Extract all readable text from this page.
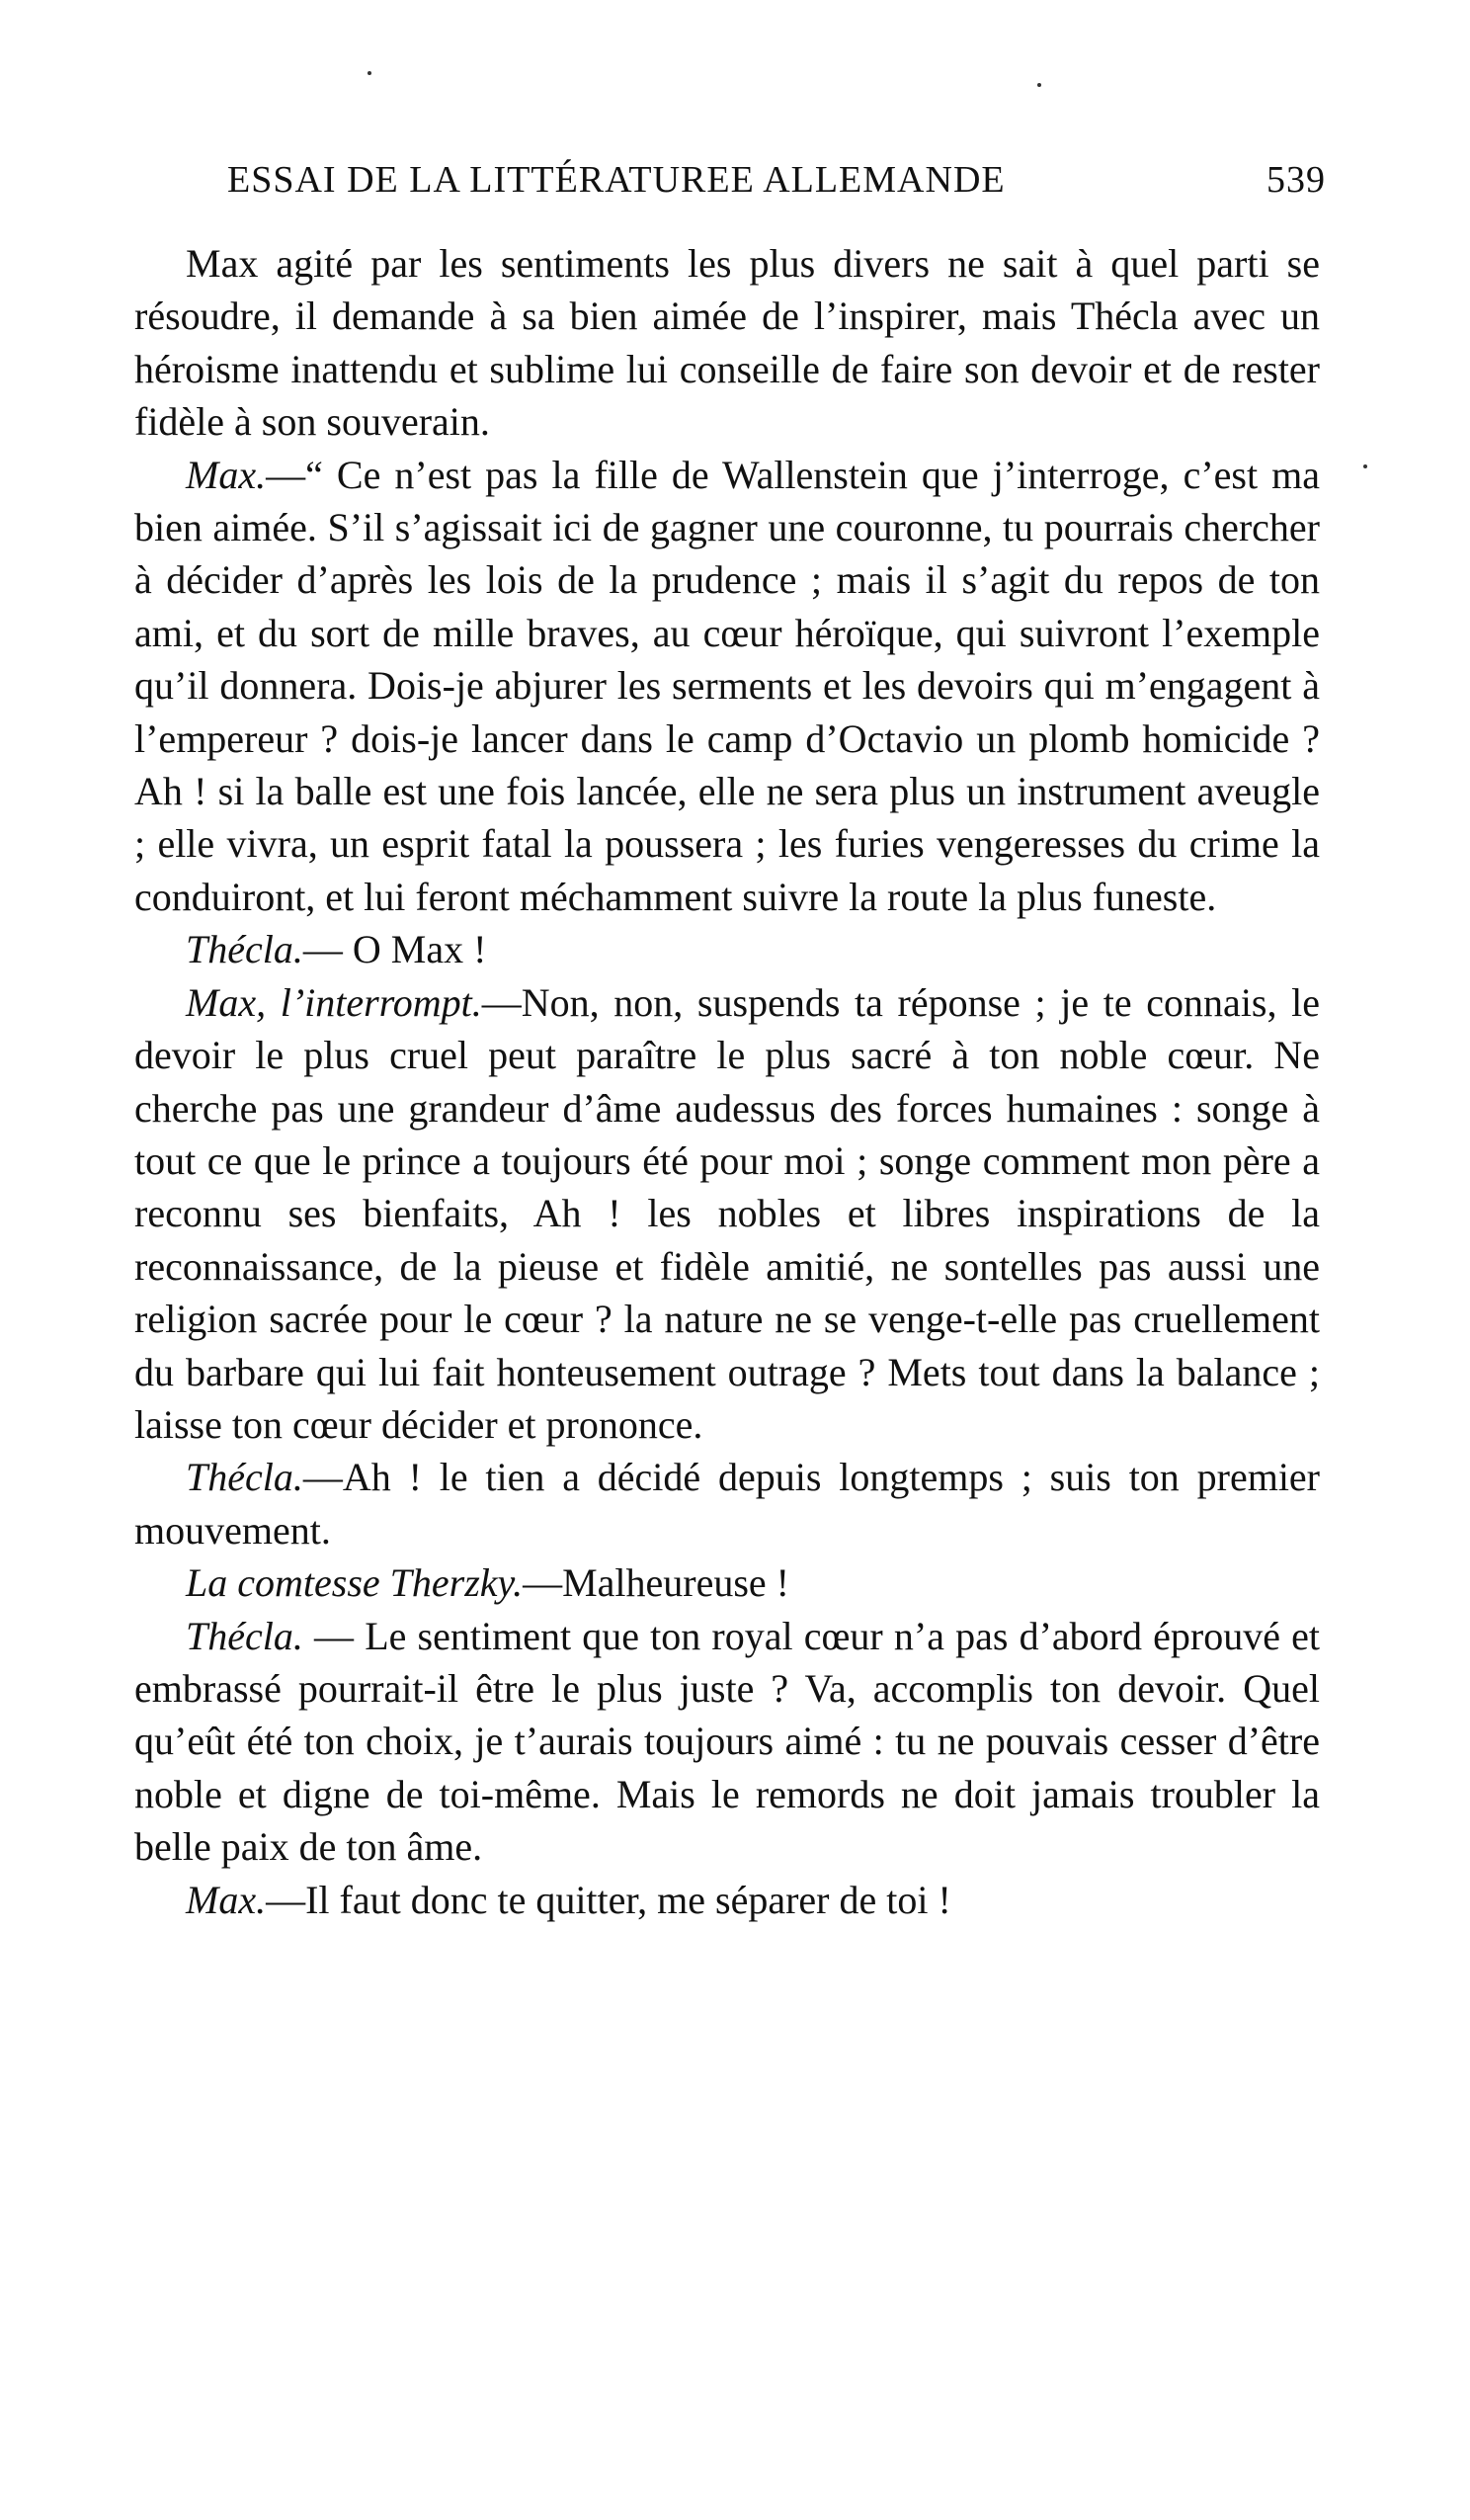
ESSAI DE LA LITTÉRATUREE ALLEMANDE	539

Max agité par les sentiments les plus divers ne sait à quel parti se résoudre, il demande à sa bien aimée de l’inspirer, mais Thécla avec un héroisme inattendu et sublime lui conseille de faire son devoir et de rester fidèle à son souverain.

Max.—“ Ce n’est pas la fille de Wallenstein que j’interroge, c’est ma bien aimée. S’il s’agissait ici de gagner une couronne, tu pourrais chercher à décider d’après les lois de la prudence ; mais il s’agit du repos de ton ami, et du sort de mille braves, au cœur héroïque, qui suivront l’exemple qu’il donnera. Dois-je abjurer les serments et les devoirs qui m’engagent à l’empereur ? dois-je lancer dans le camp d’Octavio un plomb homicide ? Ah ! si la balle est une fois lancée, elle ne sera plus un instrument aveugle ; elle vivra, un esprit fatal la poussera ; les furies vengeresses du crime la conduiront, et lui feront méchamment suivre la route la plus funeste.

Thécla.— O Max !

Max, l’interrompt.—Non, non, suspends ta réponse ; je te connais, le devoir le plus cruel peut paraître le plus sacré à ton noble cœur. Ne cherche pas une grandeur d’âme audessus des forces humaines : songe à tout ce que le prince a toujours été pour moi ; songe comment mon père a reconnu ses bienfaits, Ah ! les nobles et libres inspirations de la reconnaissance, de la pieuse et fidèle amitié, ne sontelles pas aussi une religion sacrée pour le cœur ? la nature ne se venge-t-elle pas cruellement du barbare qui lui fait honteusement outrage ? Mets tout dans la balance ; laisse ton cœur décider et prononce.

Thécla.—Ah ! le tien a décidé depuis longtemps ; suis ton premier mouvement.

La comtesse Therzky.—Malheureuse !

Thécla. — Le sentiment que ton royal cœur n’a pas d’abord éprouvé et embrassé pourrait-il être le plus juste ? Va, accomplis ton devoir. Quel qu’eût été ton choix, je t’aurais toujours aimé : tu ne pouvais cesser d’être noble et digne de toi-même. Mais le remords ne doit jamais troubler la belle paix de ton âme.

Max.—Il faut donc te quitter, me séparer de toi !
